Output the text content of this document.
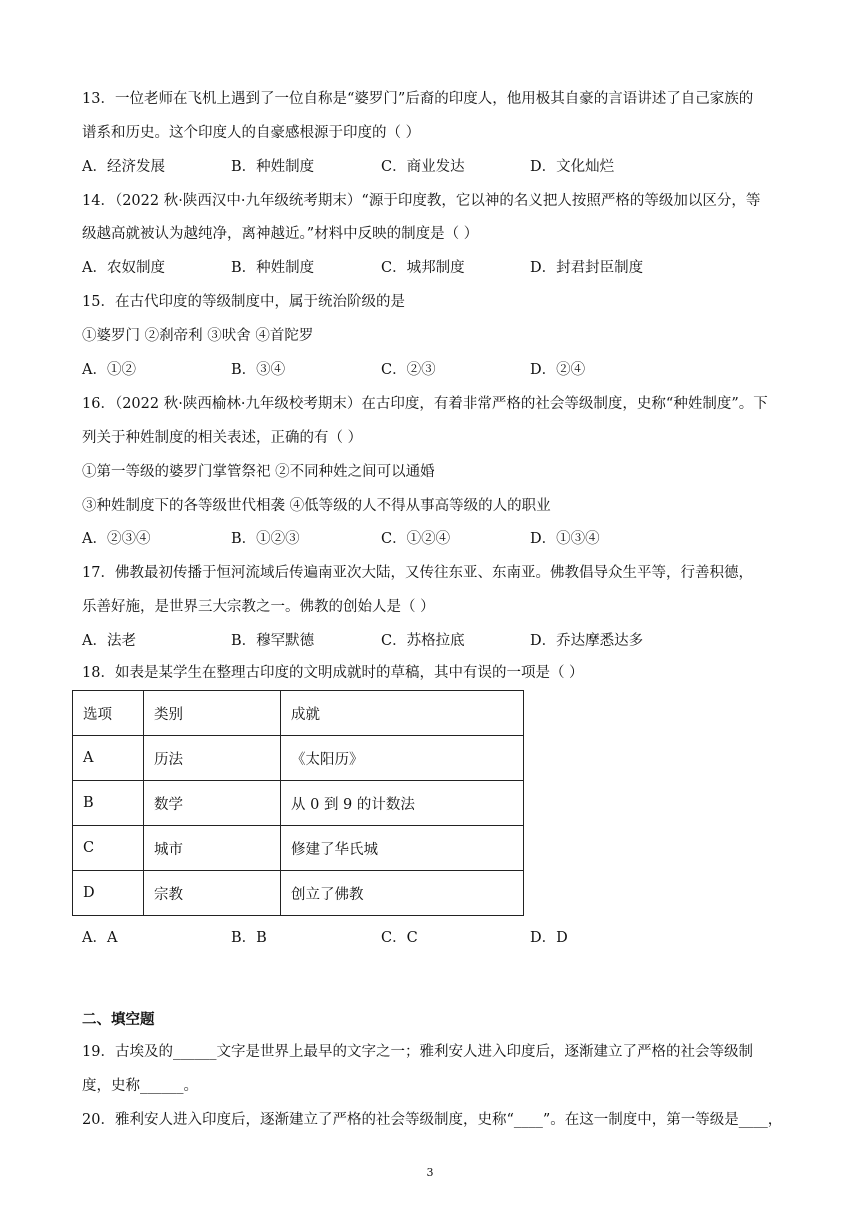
13．一位老师在飞机上遇到了一位自称是“婆罗门”后裔的印度人，他用极其自豪的言语讲述了自己家族的
谱系和历史。这个印度人的自豪感根源于印度的（ ）
A．经济发展	B．种姓制度	C．商业发达	D．文化灿烂
14．（2022 秋·陕西汉中·九年级统考期末）“源于印度教，它以神的名义把人按照严格的等级加以区分，等
级越高就被认为越纯净，离神越近。”材料中反映的制度是（ ）
A．农奴制度	B．种姓制度	C．城邦制度	D．封君封臣制度
15．在古代印度的等级制度中，属于统治阶级的是
①婆罗门 ②刹帝利 ③吠舍 ④首陀罗
A．①②	B．③④	C．②③	D．②④
16．（2022 秋·陕西榆林·九年级校考期末）在古印度，有着非常严格的社会等级制度，史称“种姓制度”。下
列关于种姓制度的相关表述，正确的有（ ）
①第一等级的婆罗门掌管祭祀 ②不同种姓之间可以通婚
③种姓制度下的各等级世代相袭 ④低等级的人不得从事高等级的人的职业
A．②③④	B．①②③	C．①②④	D．①③④
17．佛教最初传播于恒河流域后传遍南亚次大陆，又传往东亚、东南亚。佛教倡导众生平等，行善积德，
乐善好施，是世界三大宗教之一。佛教的创始人是（ ）
A．法老	B．穆罕默德	C．苏格拉底	D．乔达摩悉达多
18．如表是某学生在整理古印度的文明成就时的草稿，其中有误的一项是（ ）
选项	类别	成就
A	历法	《太阳历》
B	数学	从 0 到 9 的计数法
C	城市	修建了华氏城
D	宗教	创立了佛教
A．A	B．B	C．C	D．D
二、填空题
19．古埃及的______文字是世界上最早的文字之一；雅利安人进入印度后，逐渐建立了严格的社会等级制
度，史称______。
20．雅利安人进入印度后，逐渐建立了严格的社会等级制度，史称“____”。在这一制度中，第一等级是____，
3
